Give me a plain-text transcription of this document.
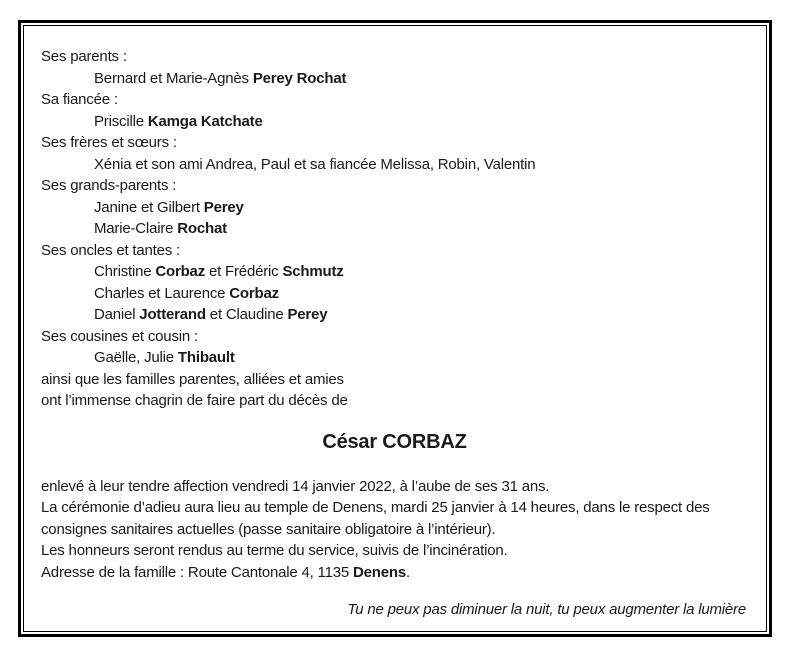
Ses parents :
Bernard et Marie-Agnès Perey Rochat
Sa fiancée :
Priscille Kamga Katchate
Ses frères et sœurs :
Xénia et son ami Andrea, Paul et sa fiancée Melissa, Robin, Valentin
Ses grands-parents :
Janine et Gilbert Perey
Marie-Claire Rochat
Ses oncles et tantes :
Christine Corbaz et Frédéric Schmutz
Charles et Laurence Corbaz
Daniel Jotterand et Claudine Perey
Ses cousines et cousin :
Gaëlle, Julie Thibault
ainsi que les familles parentes, alliées et amies
ont l’immense chagrin de faire part du décès de
César CORBAZ

enlevé à leur tendre affection vendredi 14 janvier 2022, à l’aube de ses 31 ans.

La cérémonie d’adieu aura lieu au temple de Denens, mardi 25 janvier à 14 heures, dans le respect des consignes sanitaires actuelles (passe sanitaire obligatoire à l’intérieur).

Les honneurs seront rendus au terme du service, suivis de l’incinération.

Adresse de la famille : Route Cantonale 4, 1135 Denens.

Tu ne peux pas diminuer la nuit, tu peux augmenter la lumière
